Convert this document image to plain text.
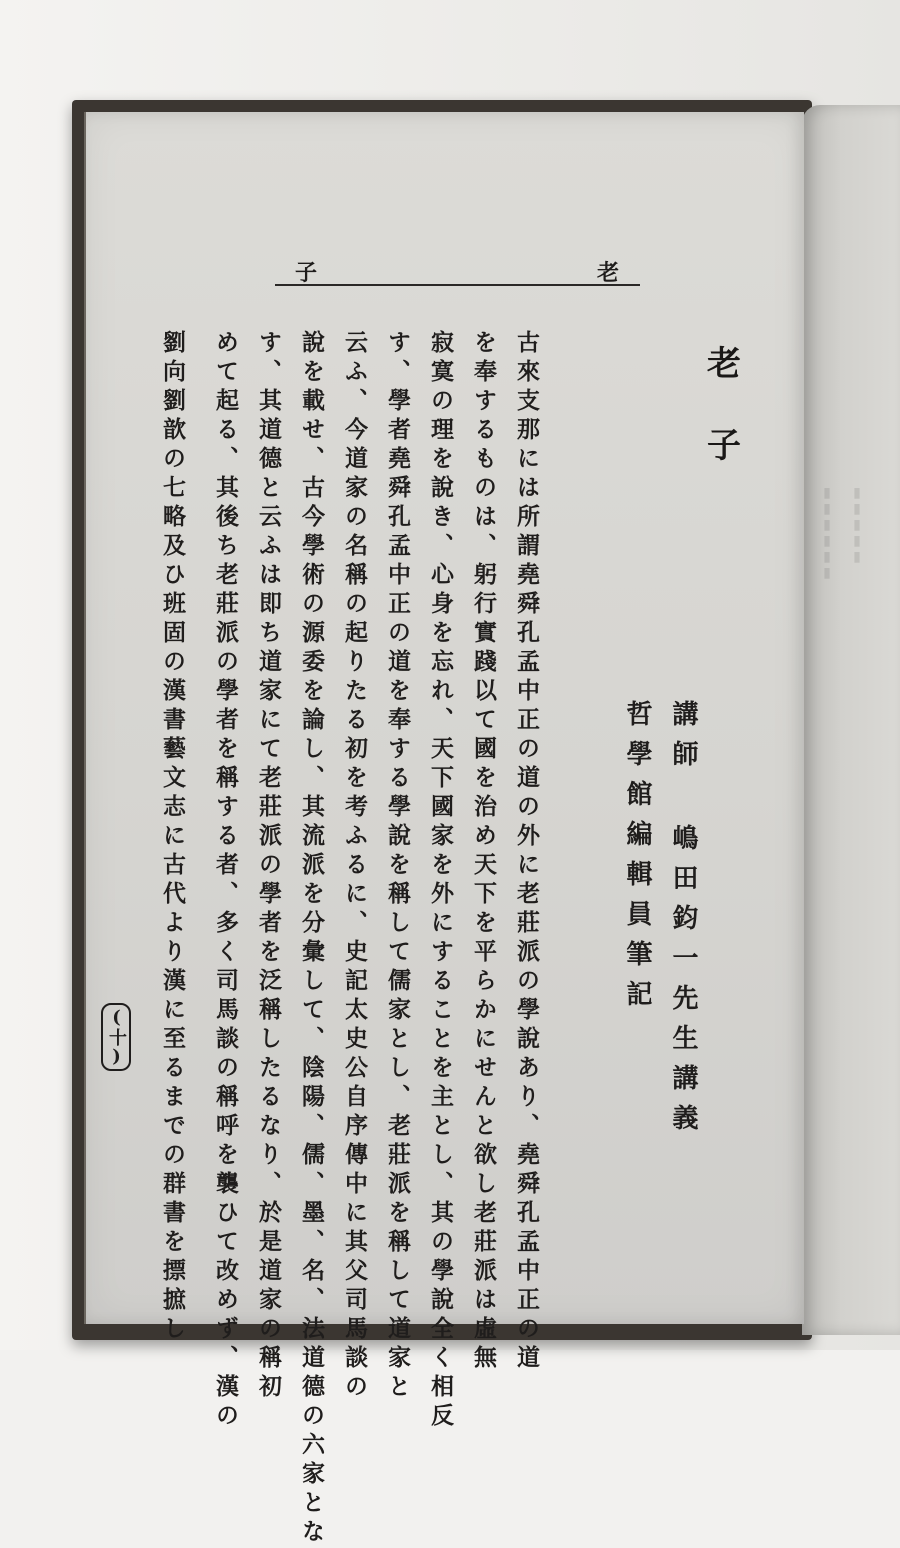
▮▮▮▮▮▮ ▮▮▮▮▮
子	老
老
子
講師 嶋田鈞一先生講義
哲學館編輯員筆記
古來支那には所謂堯舜孔孟中正の道の外に老莊派の學說あり、堯舜孔孟中正の道
を奉するものは、躬行實踐以て國を治め天下を平らかにせんと欲し老莊派は虛無
寂寞の理を說き、心身を忘れ、天下國家を外にすることを主とし、其の學說全く相反
す、學者堯舜孔孟中正の道を奉する學說を稱して儒家とし、老莊派を稱して道家と
云ふ、今道家の名稱の起りたる初を考ふるに、史記太史公自序傳中に其父司馬談の
說を載せ、古今學術の源委を論し、其流派を分彙して、陰陽、儒、墨、名、法道德の六家とな
す、其道德と云ふは即ち道家にて老莊派の學者を泛稱したるなり、於是道家の稱初
めて起る、其後ち老莊派の學者を稱する者、多く司馬談の稱呼を襲ひて改めず、漢の
劉向劉歆の七略及ひ班固の漢書藝文志に古代より漢に至るまでの群書を摽摭し
(十)
